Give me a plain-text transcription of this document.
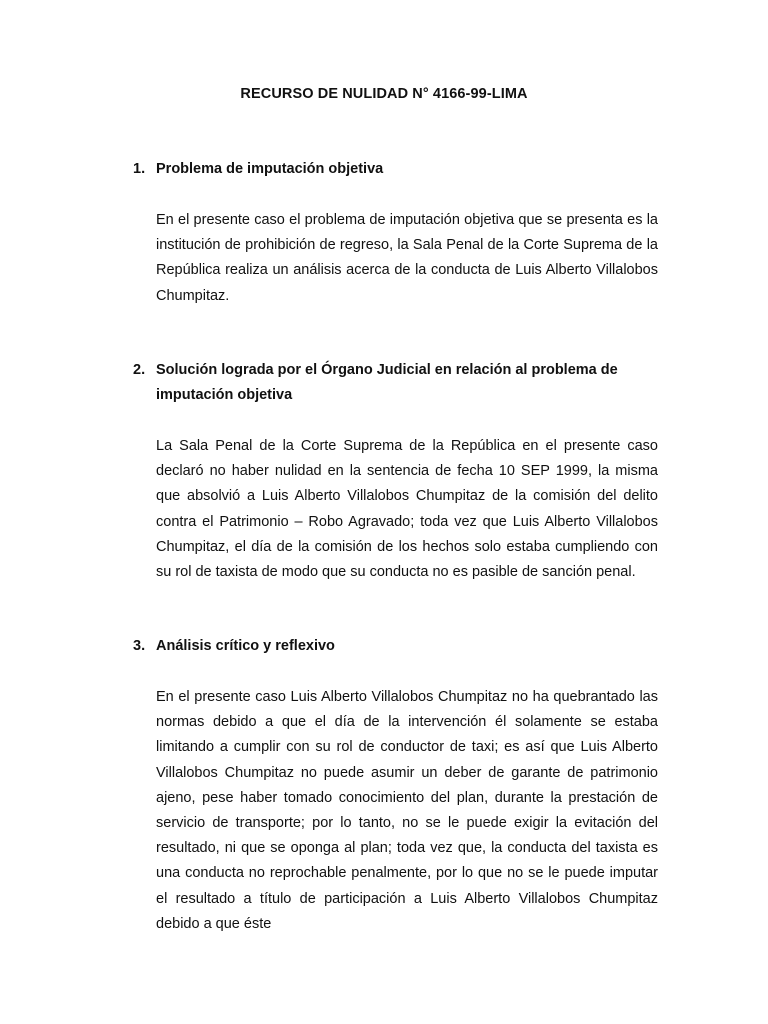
RECURSO DE NULIDAD N° 4166-99-LIMA
1. Problema de imputación objetiva
En el presente caso el problema de imputación objetiva que se presenta es la institución de prohibición de regreso, la Sala Penal de la Corte Suprema de la República realiza un análisis acerca de la conducta de Luis Alberto Villalobos Chumpitaz.
2. Solución lograda por el Órgano Judicial en relación al problema de imputación objetiva
La Sala Penal de la Corte Suprema de la República en el presente caso declaró no haber nulidad en la sentencia de fecha 10 SEP 1999, la misma que absolvió a Luis Alberto Villalobos Chumpitaz de la comisión del delito contra el Patrimonio – Robo Agravado; toda vez que Luis Alberto Villalobos Chumpitaz, el día de la comisión de los hechos solo estaba cumpliendo con su rol de taxista de modo que su conducta no es pasible de sanción penal.
3. Análisis crítico y reflexivo
En el presente caso Luis Alberto Villalobos Chumpitaz no ha quebrantado las normas debido a que el día de la intervención él solamente se estaba limitando a cumplir con su rol de conductor de taxi; es así que Luis Alberto Villalobos Chumpitaz no puede asumir un deber de garante de patrimonio ajeno, pese haber tomado conocimiento del plan, durante la prestación de servicio de transporte; por lo tanto, no se le puede exigir la evitación del resultado, ni que se oponga al plan; toda vez que, la conducta del taxista es una conducta no reprochable penalmente, por lo que no se le puede imputar el resultado a título de participación a Luis Alberto Villalobos Chumpitaz debido a que éste
